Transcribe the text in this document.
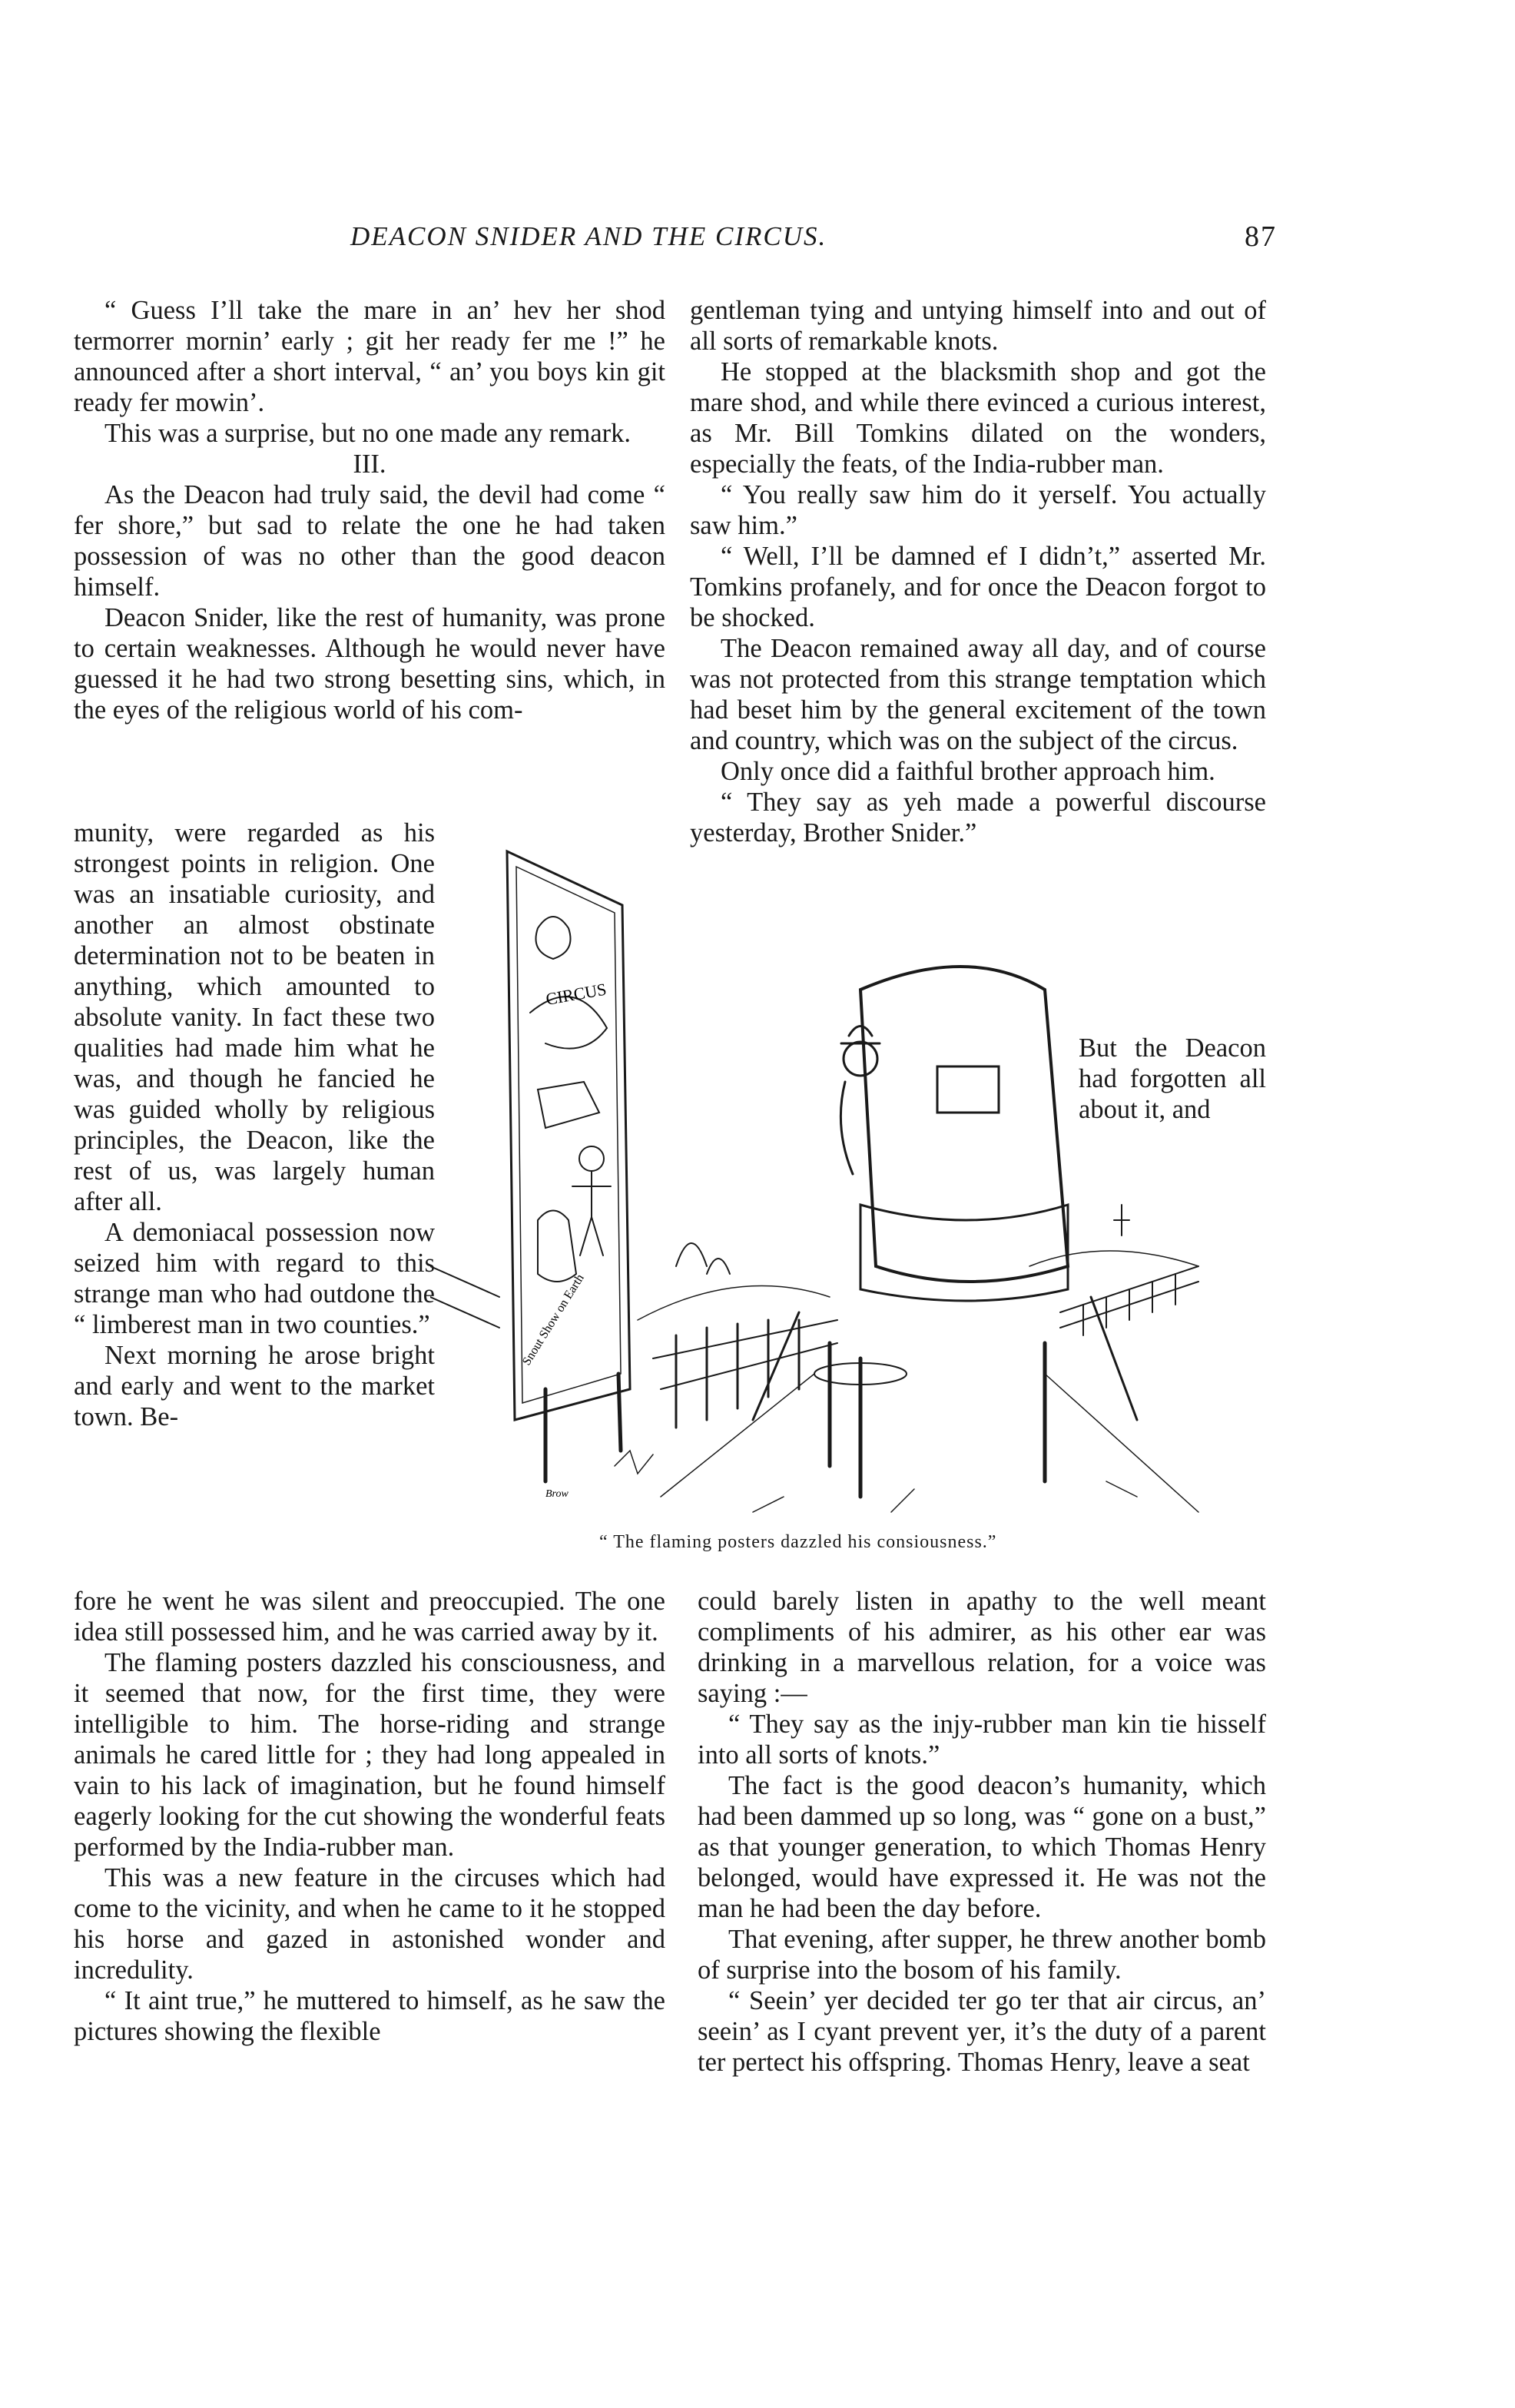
DEACON SNIDER AND THE CIRCUS.	87

“ Guess I’ll take the mare in an’ hev her shod termorrer mornin’ early ; git her ready fer me !” he announced after a short interval, “ an’ you boys kin git ready fer mowin’.

This was a surprise, but no one made any remark.

III.

As the Deacon had truly said, the devil had come “ fer shore,” but sad to relate the one he had taken possession of was no other than the good deacon himself.

Deacon Snider, like the rest of humanity, was prone to certain weaknesses. Although he would never have guessed it he had two strong besetting sins, which, in the eyes of the religious world of his com-

munity, were regarded as his strongest points in religion. One was an insatiable curiosity, and another an almost obstinate determination not to be beaten in anything, which amounted to absolute vanity. In fact these two qualities had made him what he was, and though he fancied he was guided wholly by religious principles, the Deacon, like the rest of us, was largely human after all.

A demoniacal possession now seized him with regard to this strange man who had outdone the “ limberest man in two counties.”

Next morning he arose bright and early and went to the market town. Be-

fore he went he was silent and preoccupied. The one idea still possessed him, and he was carried away by it.

The flaming posters dazzled his consciousness, and it seemed that now, for the first time, they were intelligible to him. The horse-riding and strange animals he cared little for ; they had long appealed in vain to his lack of imagination, but he found himself eagerly looking for the cut showing the wonderful feats performed by the India-rubber man.

This was a new feature in the circuses which had come to the vicinity, and when he came to it he stopped his horse and gazed in astonished wonder and incredulity.

“ It aint true,” he muttered to himself, as he saw the pictures showing the flexible

gentleman tying and untying himself into and out of all sorts of remarkable knots.

He stopped at the blacksmith shop and got the mare shod, and while there evinced a curious interest, as Mr. Bill Tomkins dilated on the wonders, especially the feats, of the India-rubber man.

“ You really saw him do it yerself. You actually saw him.”

“ Well, I’ll be damned ef I didn’t,” asserted Mr. Tomkins profanely, and for once the Deacon forgot to be shocked.

The Deacon remained away all day, and of course was not protected from this strange temptation which had beset him by the general excitement of the town and country, which was on the subject of the circus.

Only once did a faithful brother approach him.

“ They say as yeh made a powerful discourse yesterday, Brother Snider.”

But the Deacon had forgotten all about it, and

CIRCUS
Snout Show on Earth
Brow
“ The flaming posters dazzled his consiousness.”

could barely listen in apathy to the well meant compliments of his admirer, as his other ear was drinking in a marvellous relation, for a voice was saying :—

“ They say as the injy-rubber man kin tie hisself into all sorts of knots.”

The fact is the good deacon’s humanity, which had been dammed up so long, was “ gone on a bust,” as that younger generation, to which Thomas Henry belonged, would have expressed it. He was not the man he had been the day before.

That evening, after supper, he threw another bomb of surprise into the bosom of his family.

“ Seein’ yer decided ter go ter that air circus, an’ seein’ as I cyant prevent yer, it’s the duty of a parent ter pertect his offspring. Thomas Henry, leave a seat
